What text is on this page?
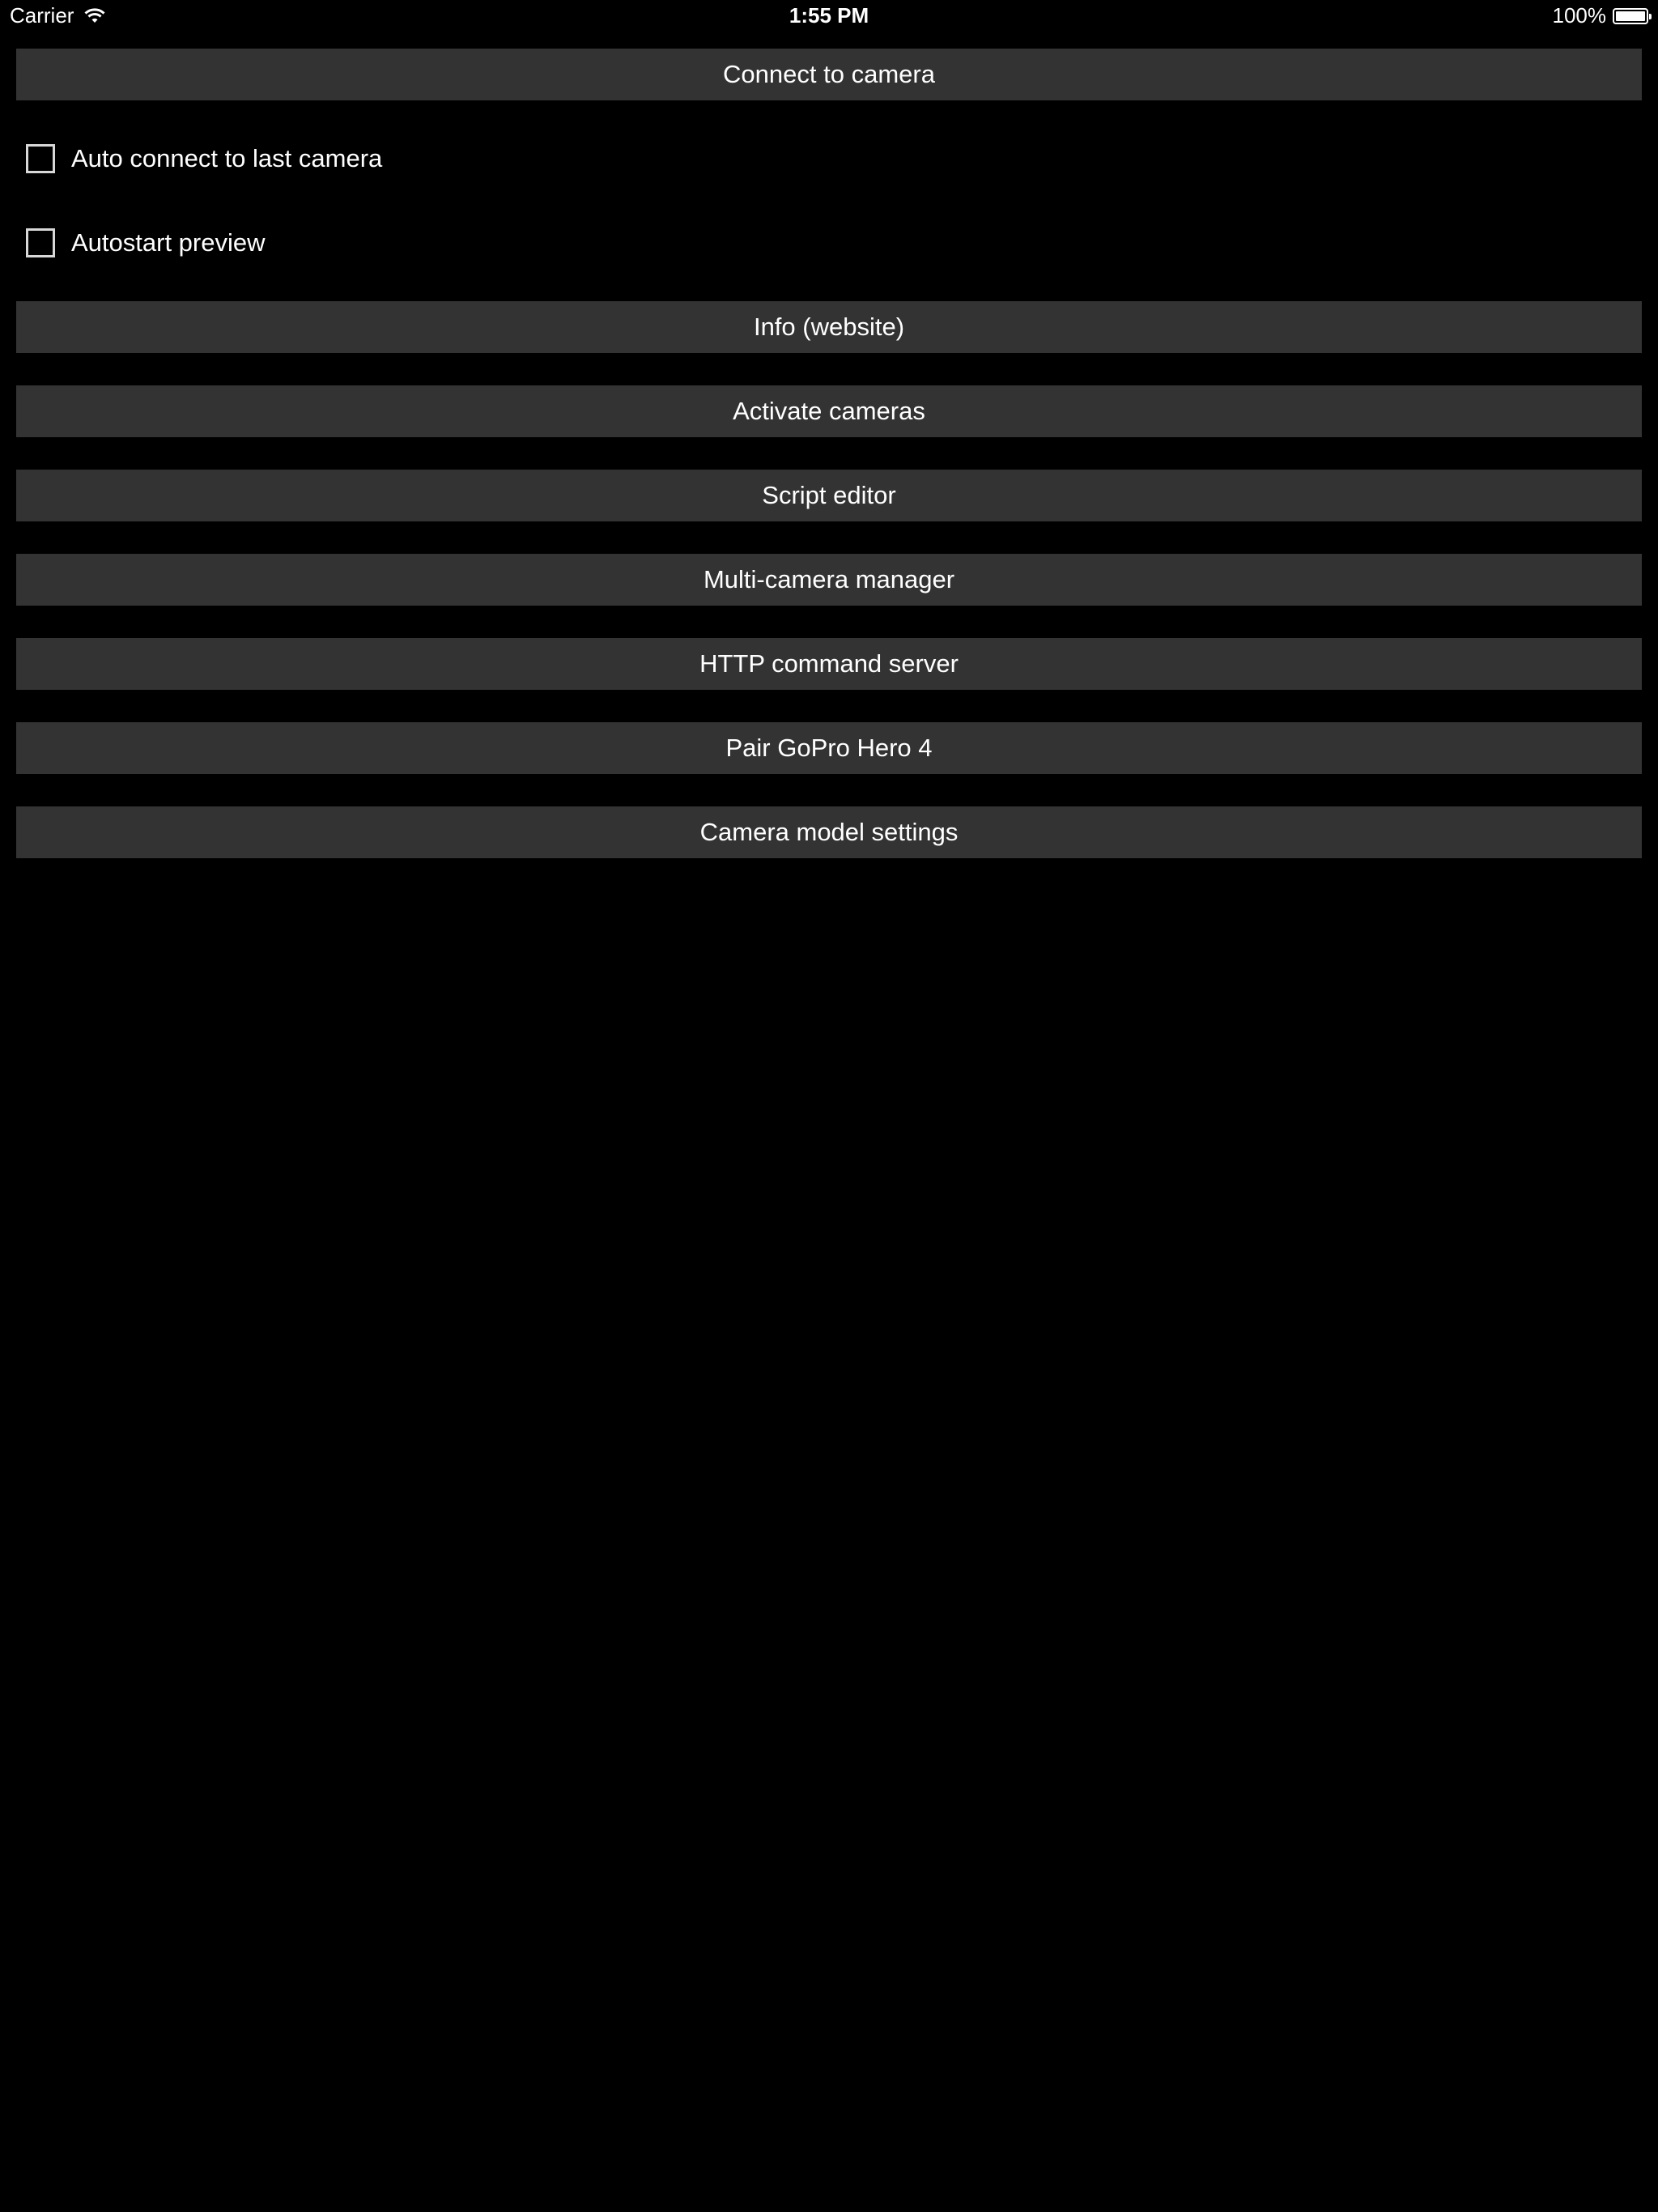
Carrier	1:55 PM	100%
Connect to camera
Auto connect to last camera
Autostart preview
Info (website)
Activate cameras
Script editor
Multi-camera manager
HTTP command server
Pair GoPro Hero 4
Camera model settings
